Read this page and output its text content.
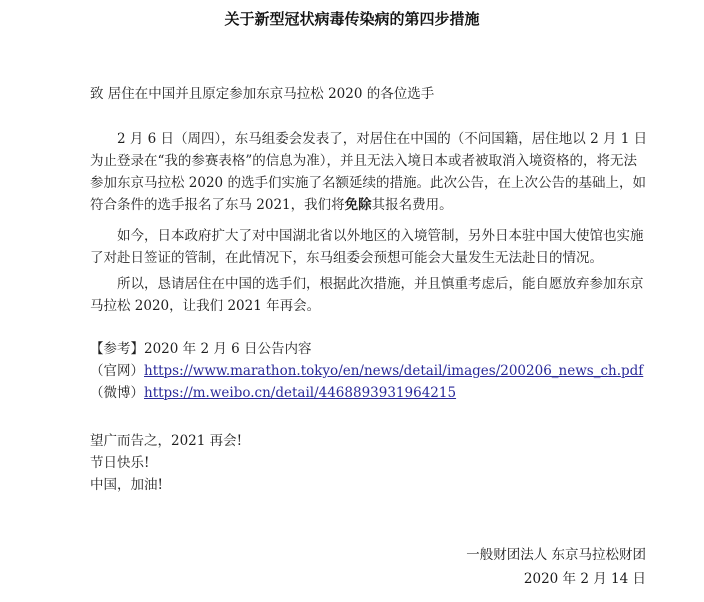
关于新型冠状病毒传染病的第四步措施
致 居住在中国并且原定参加东京马拉松 2020 的各位选手
2 月 6 日（周四），东马组委会发表了，对居住在中国的（不问国籍，居住地以 2 月 1 日
为止登录在“我的参赛表格”的信息为准），并且无法入境日本或者被取消入境资格的，将无法
参加东京马拉松 2020 的选手们实施了名额延续的措施。此次公告，在上次公告的基础上，如
符合条件的选手报名了东马 2021，我们将免除其报名费用。
如今，日本政府扩大了对中国湖北省以外地区的入境管制，另外日本驻中国大使馆也实施
了对赴日签证的管制，在此情况下，东马组委会预想可能会大量发生无法赴日的情况。
所以，恳请居住在中国的选手们，根据此次措施，并且慎重考虑后，能自愿放弃参加东京
马拉松 2020，让我们 2021 年再会。
【参考】2020 年 2 月 6 日公告内容
（官网）https://www.marathon.tokyo/en/news/detail/images/200206_news_ch.pdf
（微博）https://m.weibo.cn/detail/4468893931964215
望广而告之，2021 再会!
节日快乐!
中国，加油!
一般财团法人 东京马拉松财团
2020 年 2 月 14 日
